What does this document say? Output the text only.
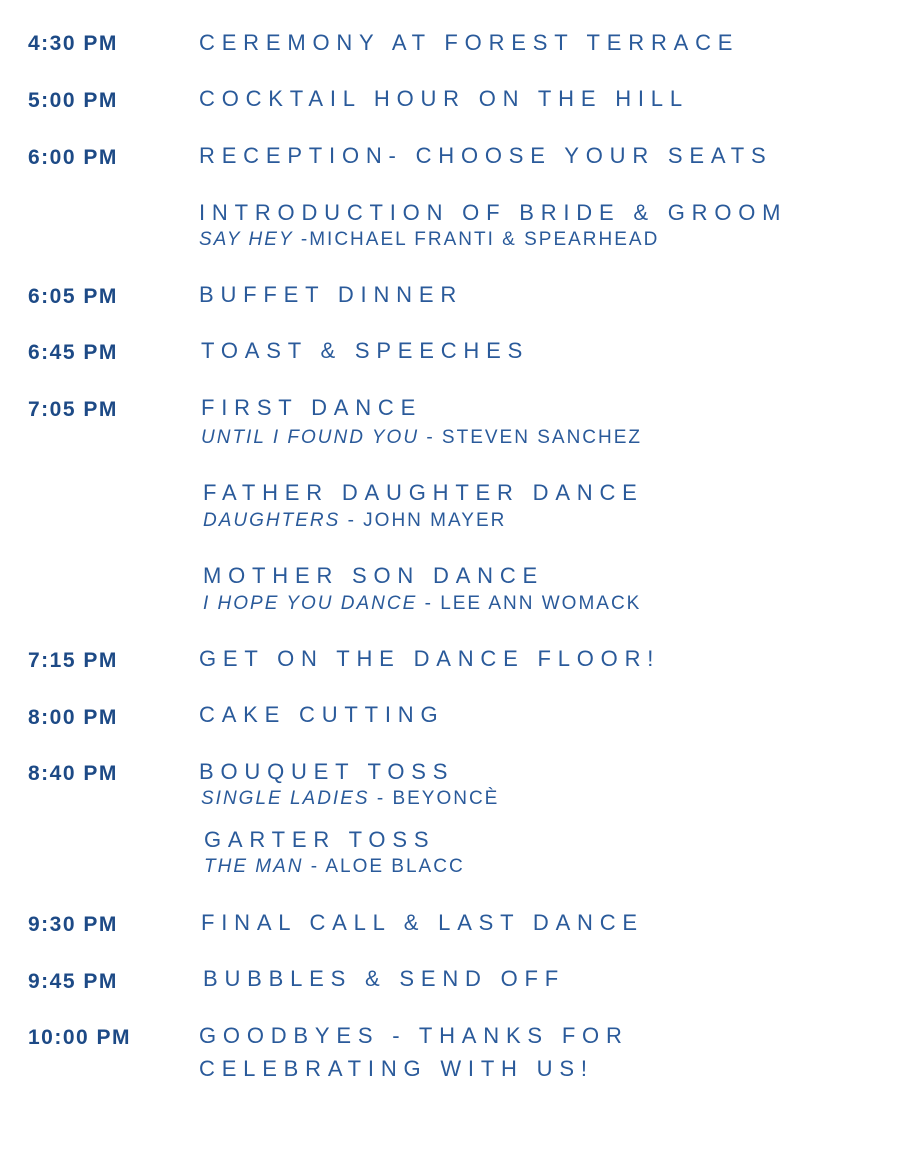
4:30 PM	CEREMONY AT FOREST TERRACE
5:00 PM	COCKTAIL HOUR ON THE HILL
6:00 PM	RECEPTION- CHOOSE YOUR SEATS
INTRODUCTION OF BRIDE & GROOM
SAY HEY -MICHAEL FRANTI & SPEARHEAD
6:05 PM	BUFFET DINNER
6:45 PM	TOAST & SPEECHES
7:05 PM	FIRST DANCE
UNTIL I FOUND YOU - STEVEN SANCHEZ
FATHER DAUGHTER DANCE
DAUGHTERS - JOHN MAYER
MOTHER SON DANCE
I HOPE YOU DANCE - LEE ANN WOMACK
7:15 PM	GET ON THE DANCE FLOOR!
8:00 PM	CAKE CUTTING
8:40 PM	BOUQUET TOSS
SINGLE LADIES - BEYONCÈ
GARTER TOSS
THE MAN - ALOE BLACC
9:30 PM	FINAL CALL & LAST DANCE
9:45 PM	BUBBLES & SEND OFF
10:00 PM	GOODBYES - THANKS FOR
CELEBRATING WITH US!
